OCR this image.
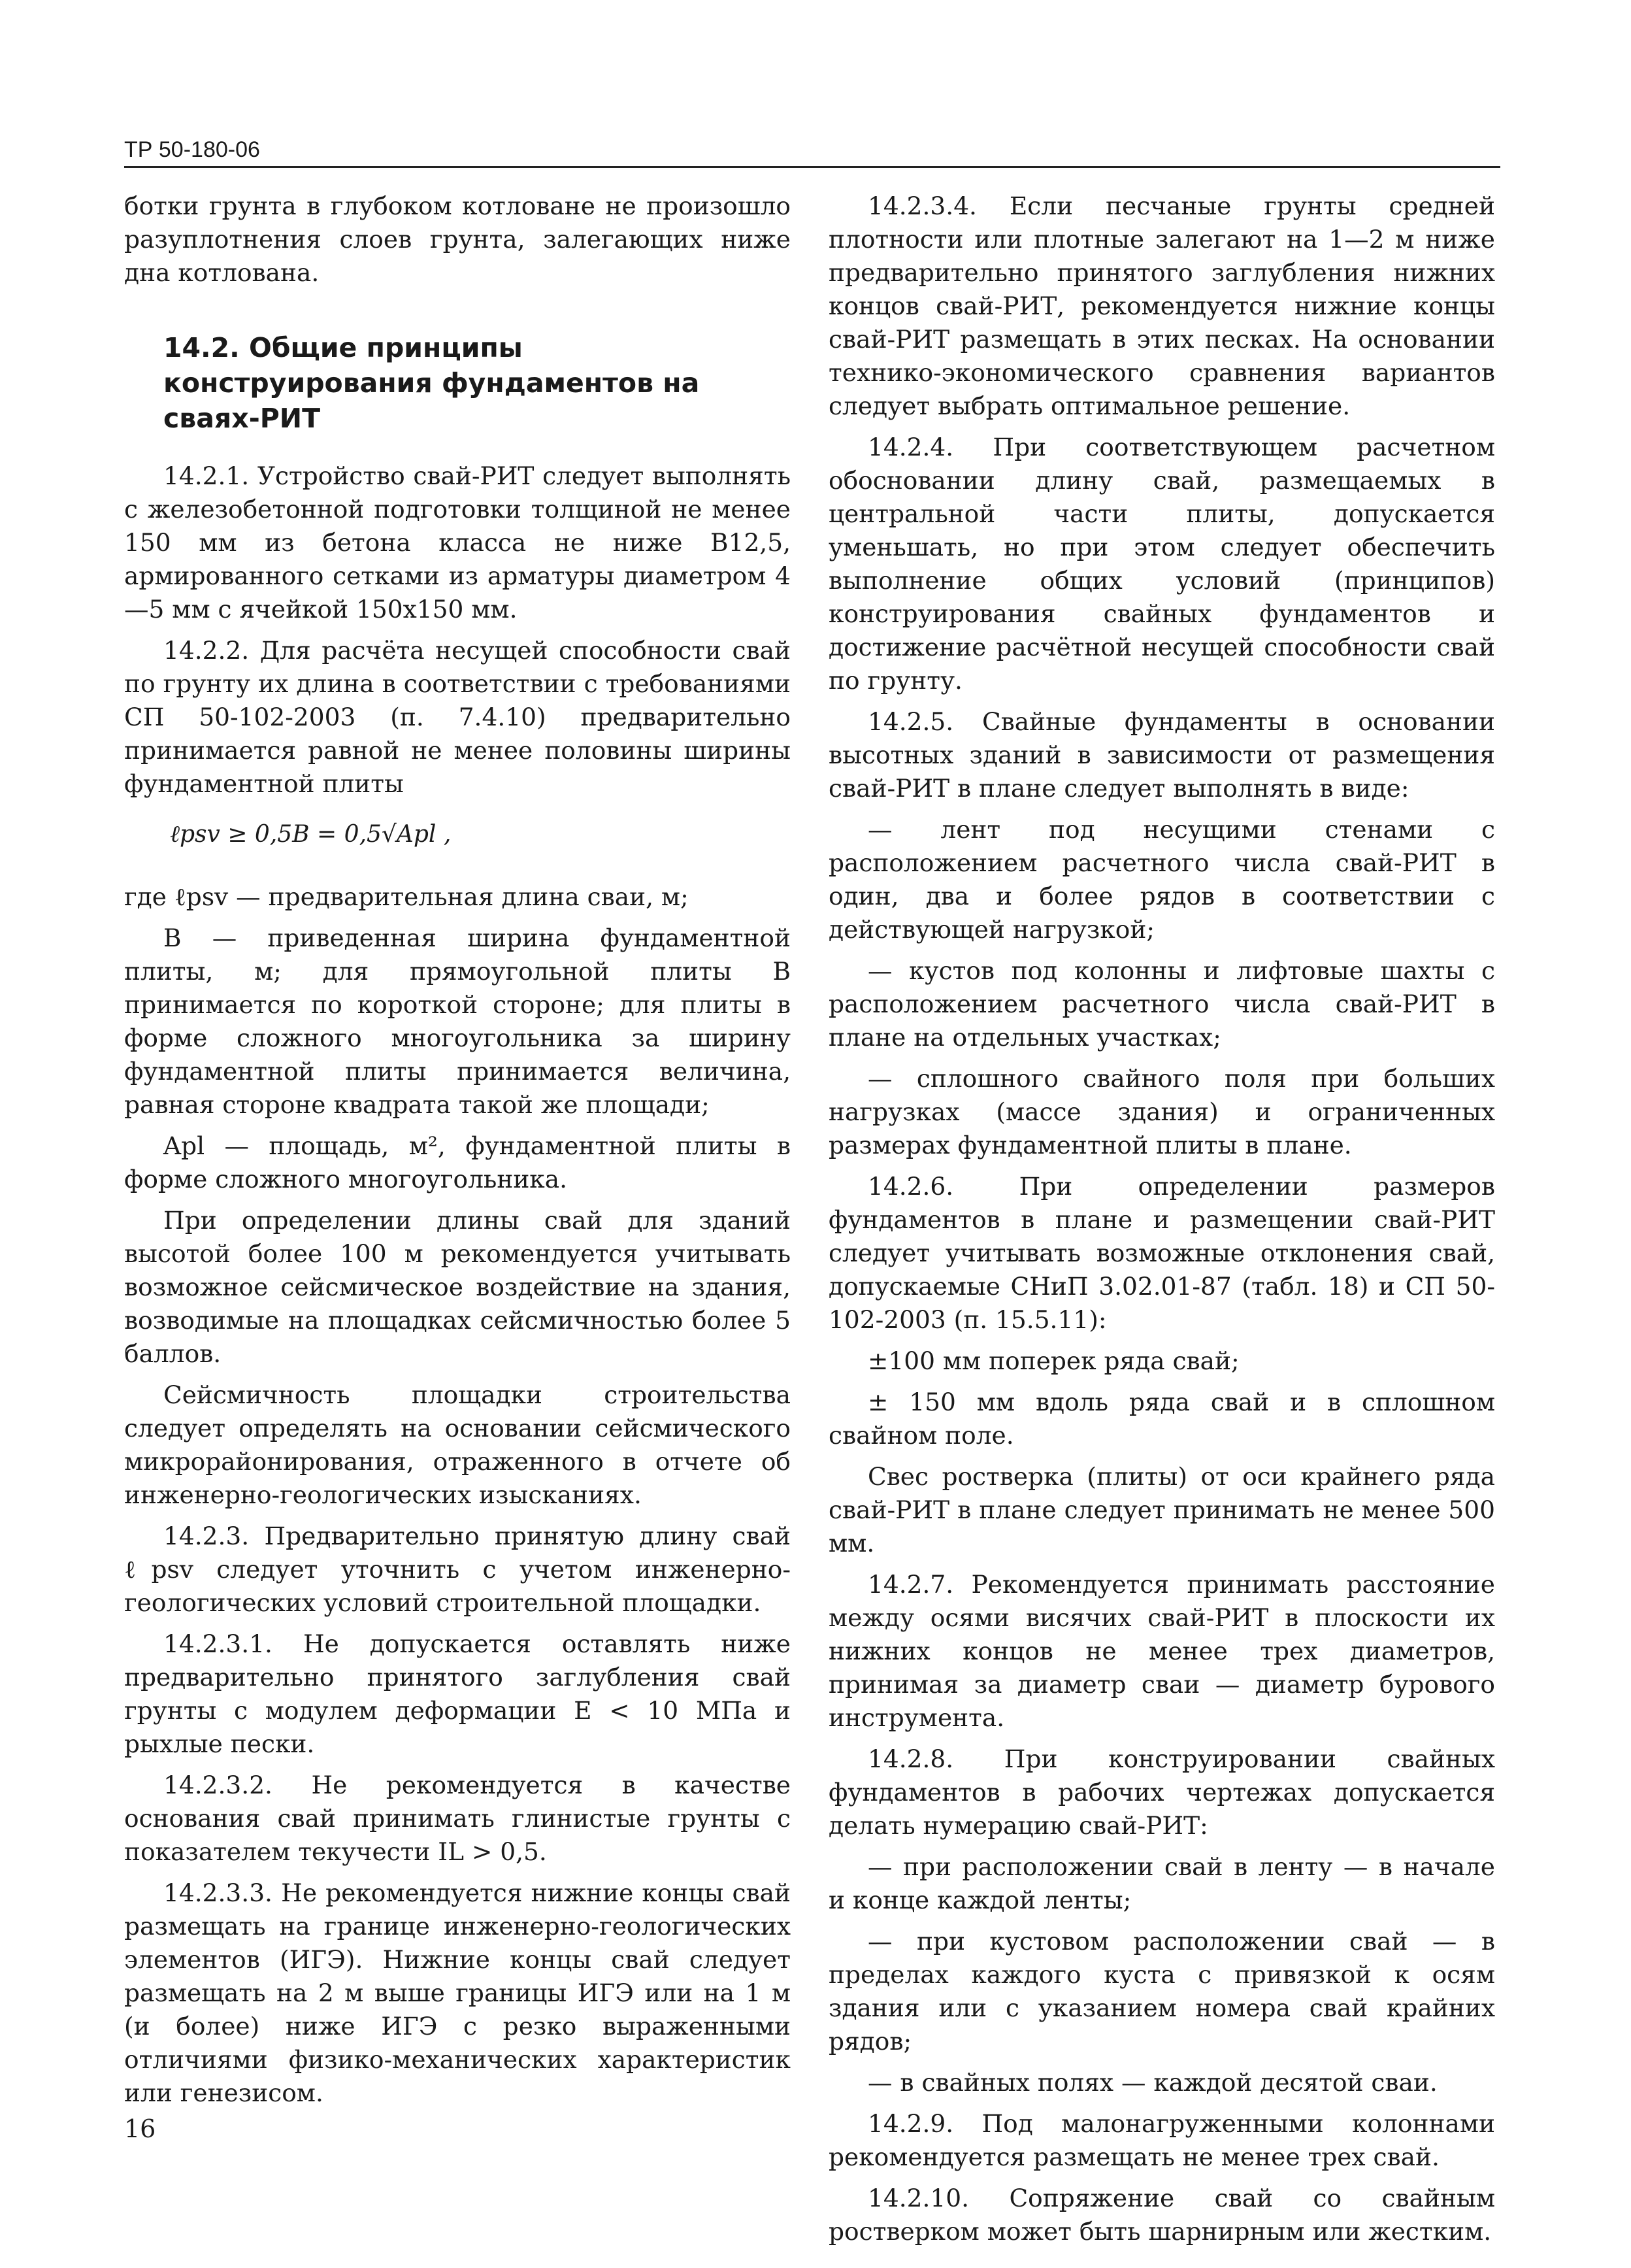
ТР 50-180-06

ботки грунта в глубоком котловане не произошло разуплотнения слоев грунта, залегающих ниже дна котлована.

14.2. Общие принципы конструирования фундаментов на сваях-РИТ

14.2.1. Устройство свай-РИТ следует выполнять с железобетонной подготовки толщиной не менее 150 мм из бетона класса не ниже В12,5, армированного сетками из арматуры диаметром 4—5 мм с ячейкой 150х150 мм.

14.2.2. Для расчёта несущей способности свай по грунту их длина в соответствии с требованиями СП 50-102-2003 (п. 7.4.10) предварительно принимается равной не менее половины ширины фундаментной плиты

ℓpsv ≥ 0,5B = 0,5√Apl ,

где ℓpsv — предварительная длина сваи, м;

B — приведенная ширина фундаментной плиты, м; для прямоугольной плиты B принимается по короткой стороне; для плиты в форме сложного многоугольника за ширину фундаментной плиты принимается величина, равная стороне квадрата такой же площади;

Apl — площадь, м², фундаментной плиты в форме сложного многоугольника.

При определении длины свай для зданий высотой более 100 м рекомендуется учитывать возможное сейсмическое воздействие на здания, возводимые на площадках сейсмичностью более 5 баллов.

Сейсмичность площадки строительства следует определять на основании сейсмического микрорайонирования, отраженного в отчете об инженерно-геологических изысканиях.

14.2.3. Предварительно принятую длину свай ℓpsv следует уточнить с учетом инженерно-геологических условий строительной площадки.

14.2.3.1. Не допускается оставлять ниже предварительно принятого заглубления свай грунты с модулем деформации E < 10 МПа и рыхлые пески.

14.2.3.2. Не рекомендуется в качестве основания свай принимать глинистые грунты с показателем текучести IL > 0,5.

14.2.3.3. Не рекомендуется нижние концы свай размещать на границе инженерно-геологических элементов (ИГЭ). Нижние концы свай следует размещать на 2 м выше границы ИГЭ или на 1 м (и более) ниже ИГЭ с резко выраженными отличиями физико-механических характеристик или генезисом.

14.2.3.4. Если песчаные грунты средней плотности или плотные залегают на 1—2 м ниже предварительно принятого заглубления нижних концов свай-РИТ, рекомендуется нижние концы свай-РИТ размещать в этих песках. На основании технико-экономического сравнения вариантов следует выбрать оптимальное решение.

14.2.4. При соответствующем расчетном обосновании длину свай, размещаемых в центральной части плиты, допускается уменьшать, но при этом следует обеспечить выполнение общих условий (принципов) конструирования свайных фундаментов и достижение расчётной несущей способности свай по грунту.

14.2.5. Свайные фундаменты в основании высотных зданий в зависимости от размещения свай-РИТ в плане следует выполнять в виде:

— лент под несущими стенами с расположением расчетного числа свай-РИТ в один, два и более рядов в соответствии с действующей нагрузкой;

— кустов под колонны и лифтовые шахты с расположением расчетного числа свай-РИТ в плане на отдельных участках;

— сплошного свайного поля при больших нагрузках (массе здания) и ограниченных размерах фундаментной плиты в плане.

14.2.6. При определении размеров фундаментов в плане и размещении свай-РИТ следует учитывать возможные отклонения свай, допускаемые СНиП 3.02.01-87 (табл. 18) и СП 50-102-2003 (п. 15.5.11):

±100 мм поперек ряда свай;

± 150 мм вдоль ряда свай и в сплошном свайном поле.

Свес ростверка (плиты) от оси крайнего ряда свай-РИТ в плане следует принимать не менее 500 мм.

14.2.7. Рекомендуется принимать расстояние между осями висячих свай-РИТ в плоскости их нижних концов не менее трех диаметров, принимая за диаметр сваи — диаметр бурового инструмента.

14.2.8. При конструировании свайных фундаментов в рабочих чертежах допускается делать нумерацию свай-РИТ:

— при расположении свай в ленту — в начале и конце каждой ленты;

— при кустовом расположении свай — в пределах каждого куста с привязкой к осям здания или с указанием номера свай крайних рядов;

— в свайных полях — каждой десятой сваи.

14.2.9. Под малонагруженными колоннами рекомендуется размещать не менее трех свай.

14.2.10. Сопряжение свай со свайным ростверком может быть шарнирным или жестким.

16
